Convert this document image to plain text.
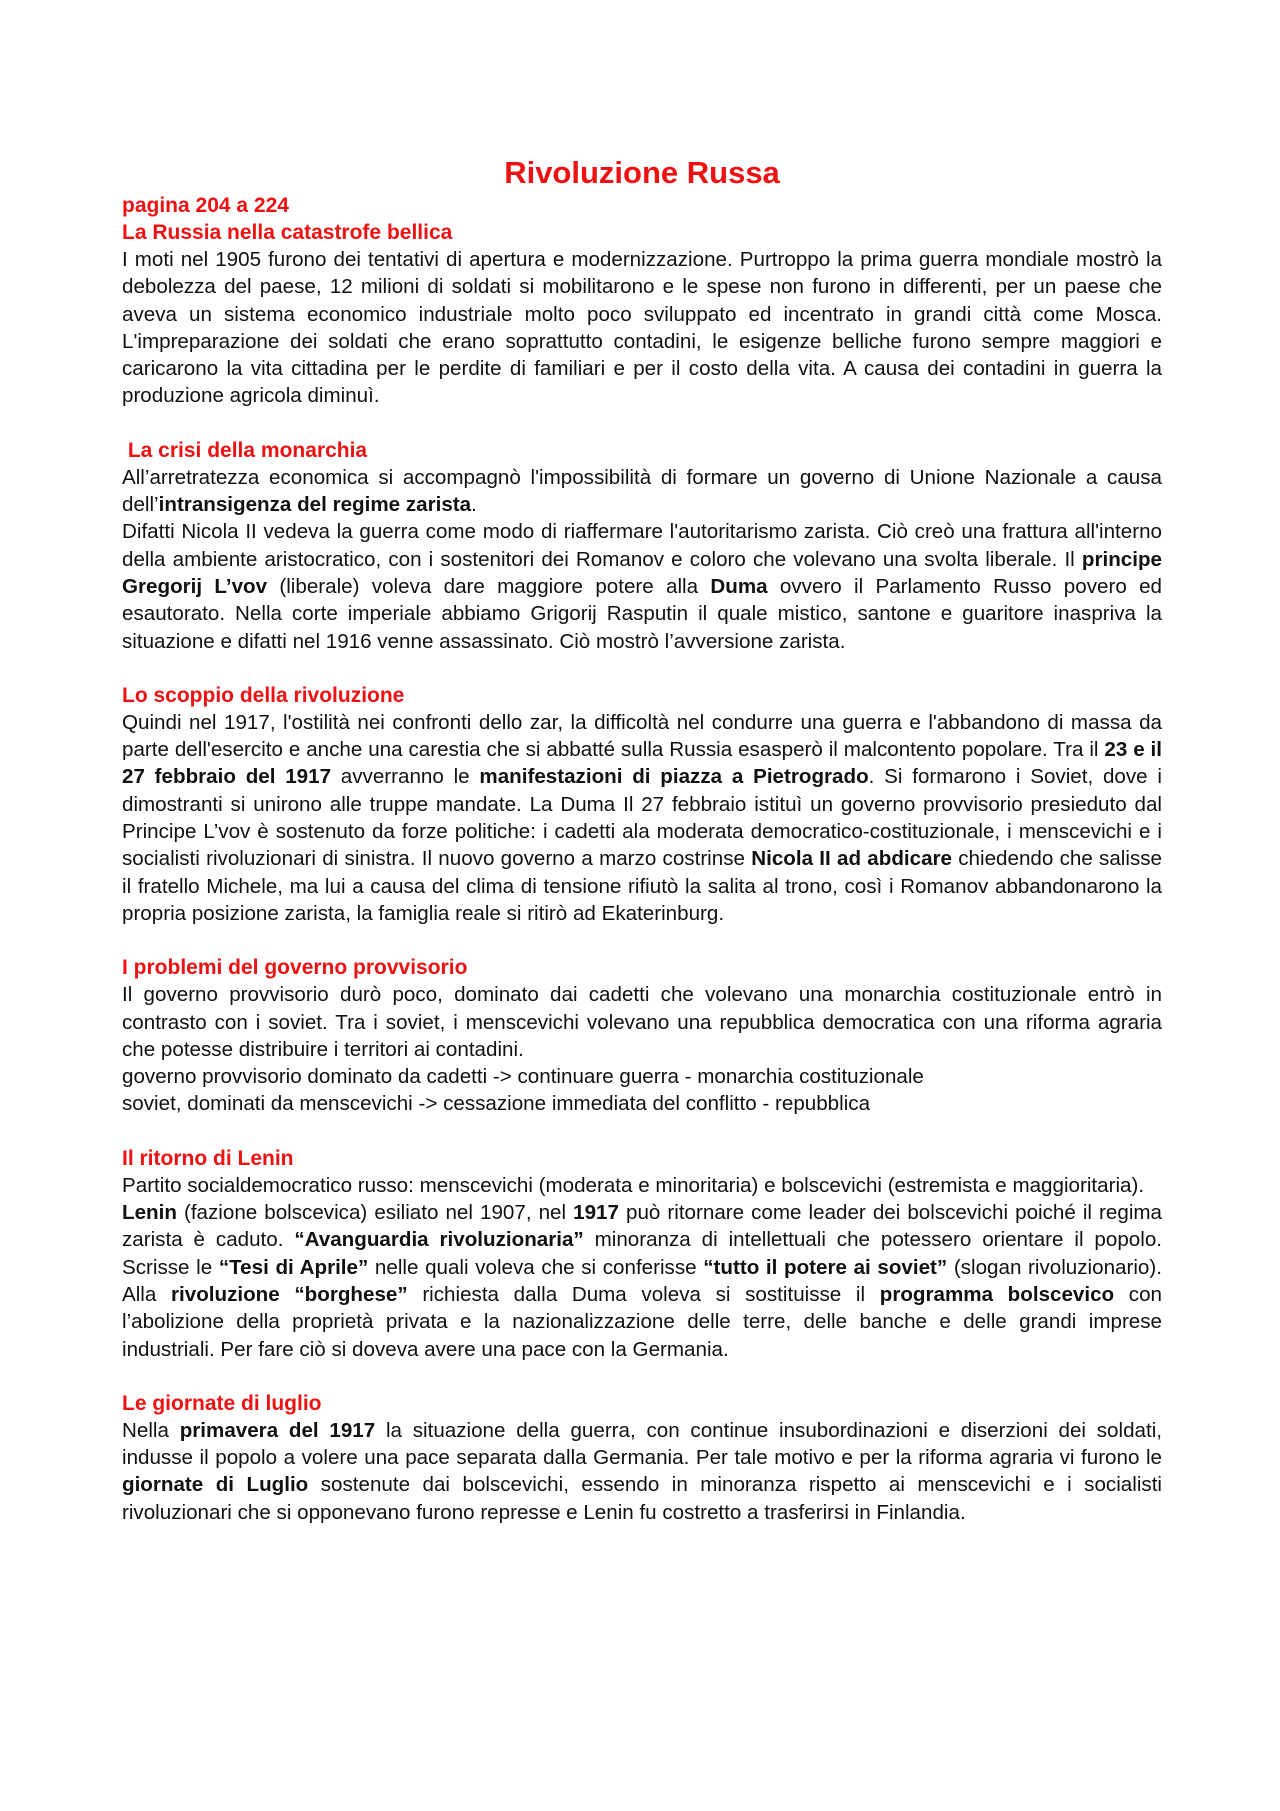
Rivoluzione Russa
pagina 204 a 224
La Russia nella catastrofe bellica

I moti nel 1905 furono dei tentativi di apertura e modernizzazione. Purtroppo la prima guerra mondiale mostrò la debolezza del paese, 12 milioni di soldati si mobilitarono e le spese non furono in differenti, per un paese che aveva un sistema economico industriale molto poco sviluppato ed incentrato in grandi città come Mosca. L'impreparazione dei soldati che erano soprattutto contadini, le esigenze belliche furono sempre maggiori e caricarono la vita cittadina per le perdite di familiari e per il costo della vita. A causa dei contadini in guerra la produzione agricola diminuì.

La crisi della monarchia

All’arretratezza economica si accompagnò l'impossibilità di formare un governo di Unione Nazionale a causa dell’intransigenza del regime zarista.

Difatti Nicola II vedeva la guerra come modo di riaffermare l'autoritarismo zarista. Ciò creò una frattura all'interno della ambiente aristocratico, con i sostenitori dei Romanov e coloro che volevano una svolta liberale. Il principe Gregorij L’vov (liberale) voleva dare maggiore potere alla Duma ovvero il Parlamento Russo povero ed esautorato. Nella corte imperiale abbiamo Grigorij Rasputin il quale mistico, santone e guaritore inaspriva la situazione e difatti nel 1916 venne assassinato. Ciò mostrò l’avversione zarista.

Lo scoppio della rivoluzione

Quindi nel 1917, l'ostilità nei confronti dello zar, la difficoltà nel condurre una guerra e l'abbandono di massa da parte dell'esercito e anche una carestia che si abbatté sulla Russia esasperò il malcontento popolare. Tra il 23 e il 27 febbraio del 1917 avverranno le manifestazioni di piazza a Pietrogrado. Si formarono i Soviet, dove i dimostranti si unirono alle truppe mandate. La Duma Il 27 febbraio istituì un governo provvisorio presieduto dal Principe L’vov è sostenuto da forze politiche: i cadetti ala moderata democratico-costituzionale, i menscevichi e i socialisti rivoluzionari di sinistra. Il nuovo governo a marzo costrinse Nicola II ad abdicare chiedendo che salisse il fratello Michele, ma lui a causa del clima di tensione rifiutò la salita al trono, così i Romanov abbandonarono la propria posizione zarista, la famiglia reale si ritirò ad Ekaterinburg.

I problemi del governo provvisorio

Il governo provvisorio durò poco, dominato dai cadetti che volevano una monarchia costituzionale entrò in contrasto con i soviet. Tra i soviet, i menscevichi volevano una repubblica democratica con una riforma agraria che potesse distribuire i territori ai contadini.

governo provvisorio dominato da cadetti -> continuare guerra - monarchia costituzionale

soviet, dominati da menscevichi -> cessazione immediata del conflitto - repubblica

Il ritorno di Lenin

Partito socialdemocratico russo: menscevichi (moderata e minoritaria) e bolscevichi (estremista e maggioritaria).

Lenin (fazione bolscevica) esiliato nel 1907, nel 1917 può ritornare come leader dei bolscevichi poiché il regima zarista è caduto. “Avanguardia rivoluzionaria” minoranza di intellettuali che potessero orientare il popolo. Scrisse le “Tesi di Aprile” nelle quali voleva che si conferisse “tutto il potere ai soviet” (slogan rivoluzionario). Alla rivoluzione “borghese” richiesta dalla Duma voleva si sostituisse il programma bolscevico con l’abolizione della proprietà privata e la nazionalizzazione delle terre, delle banche e delle grandi imprese industriali. Per fare ciò si doveva avere una pace con la Germania.

Le giornate di luglio

Nella primavera del 1917 la situazione della guerra, con continue insubordinazioni e diserzioni dei soldati, indusse il popolo a volere una pace separata dalla Germania. Per tale motivo e per la riforma agraria vi furono le giornate di Luglio sostenute dai bolscevichi, essendo in minoranza rispetto ai menscevichi e i socialisti rivoluzionari che si opponevano furono represse e Lenin fu costretto a trasferirsi in Finlandia.
